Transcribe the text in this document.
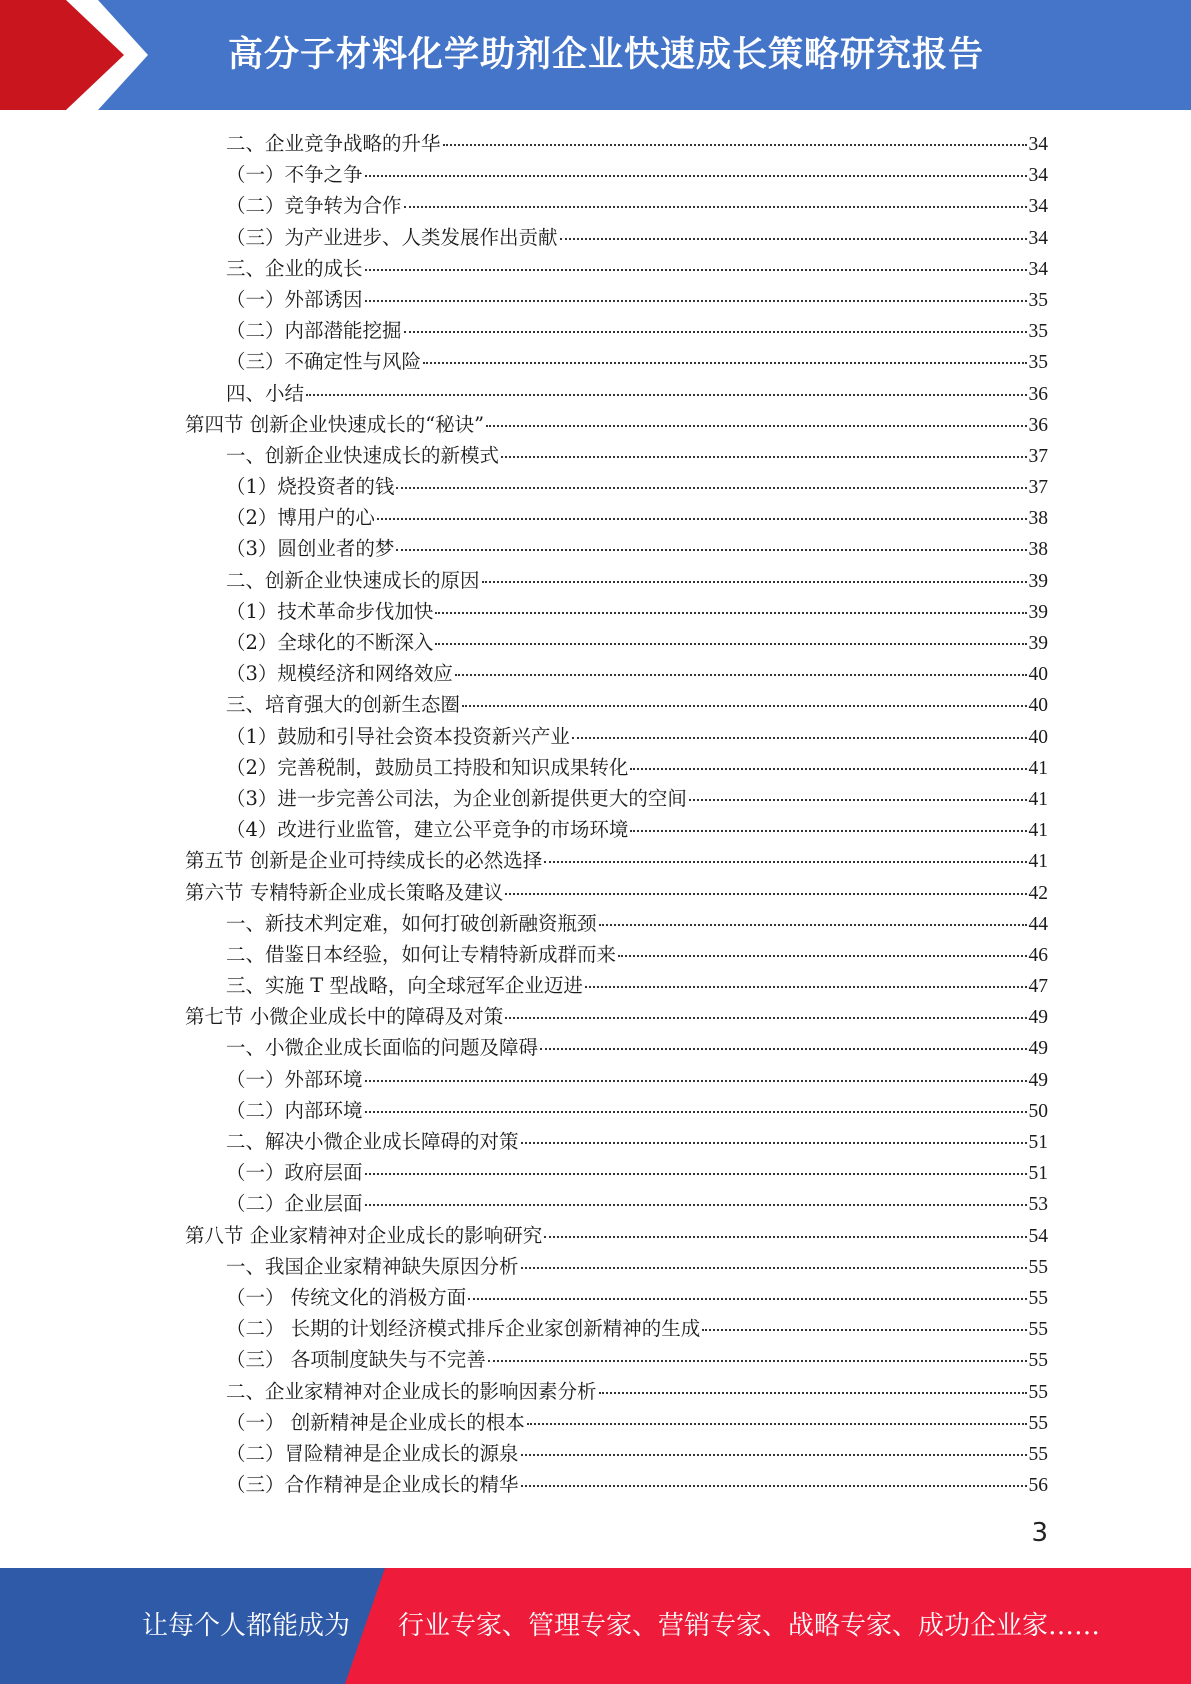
高分子材料化学助剂企业快速成长策略研究报告
二、企业竞争战略的升华	34
（一）不争之争	34
（二）竞争转为合作	34
（三）为产业进步、人类发展作出贡献	34
三、企业的成长	34
（一）外部诱因	35
（二）内部潜能挖掘	35
（三）不确定性与风险	35
四、小结	36
第四节 创新企业快速成长的“秘诀”	36
一、创新企业快速成长的新模式	37
（1）烧投资者的钱	37
（2）博用户的心	38
（3）圆创业者的梦	38
二、创新企业快速成长的原因	39
（1）技术革命步伐加快	39
（2）全球化的不断深入	39
（3）规模经济和网络效应	40
三、培育强大的创新生态圈	40
（1）鼓励和引导社会资本投资新兴产业	40
（2）完善税制，鼓励员工持股和知识成果转化	41
（3）进一步完善公司法，为企业创新提供更大的空间	41
（4）改进行业监管，建立公平竞争的市场环境	41
第五节 创新是企业可持续成长的必然选择	41
第六节 专精特新企业成长策略及建议	42
一、新技术判定难，如何打破创新融资瓶颈	44
二、借鉴日本经验，如何让专精特新成群而来	46
三、实施 T 型战略，向全球冠军企业迈进	47
第七节 小微企业成长中的障碍及对策	49
一、小微企业成长面临的问题及障碍	49
（一）外部环境	49
（二）内部环境	50
二、解决小微企业成长障碍的对策	51
（一）政府层面	51
（二）企业层面	53
第八节 企业家精神对企业成长的影响研究	54
一、我国企业家精神缺失原因分析	55
（一） 传统文化的消极方面	55
（二） 长期的计划经济模式排斥企业家创新精神的生成	55
（三） 各项制度缺失与不完善	55
二、企业家精神对企业成长的影响因素分析	55
（一） 创新精神是企业成长的根本	55
（二）冒险精神是企业成长的源泉	55
（三）合作精神是企业成长的精华	56
3
让每个人都能成为 行业专家、管理专家、营销专家、战略专家、成功企业家……
